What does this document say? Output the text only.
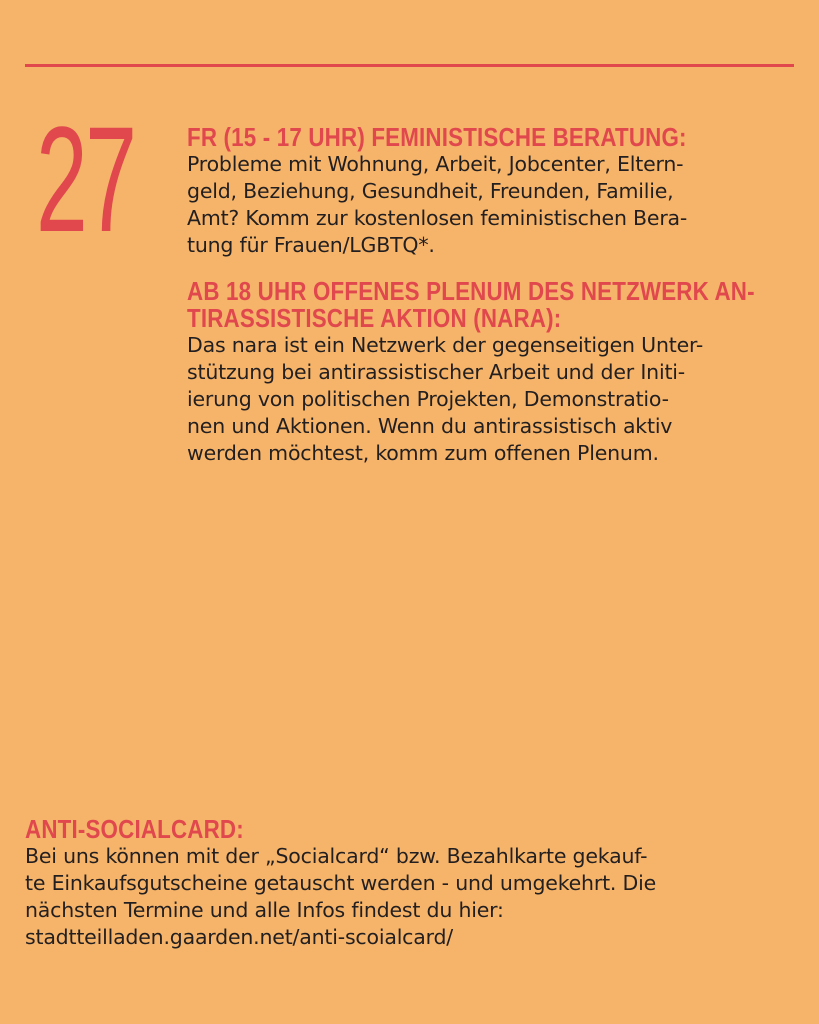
27 FR (15 - 17 UHR) FEMINISTISCHE BERATUNG:

Probleme mit Wohnung, Arbeit, Jobcenter, Eltern-

geld, Beziehung, Gesundheit, Freunden, Familie,

Amt? Komm zur kostenlosen feministischen Bera-

tung für Frauen/LGBTQ*.

AB 18 UHR OFFENES PLENUM DES NETZWERK AN-
TIRASSISTISCHE AKTION (NARA):

Das nara ist ein Netzwerk der gegenseitigen Unter-

stützung bei antirassistischer Arbeit und der Initi-

ierung von politischen Projekten, Demonstratio-

nen und Aktionen. Wenn du antirassistisch aktiv

werden möchtest, komm zum offenen Plenum.

ANTI-SOCIALCARD:

Bei uns können mit der „Socialcard“ bzw. Bezahlkarte gekauf-

te Einkaufsgutscheine getauscht werden - und umgekehrt. Die

nächsten Termine und alle Infos findest du hier:

stadtteilladen.gaarden.net/anti-scoialcard/
